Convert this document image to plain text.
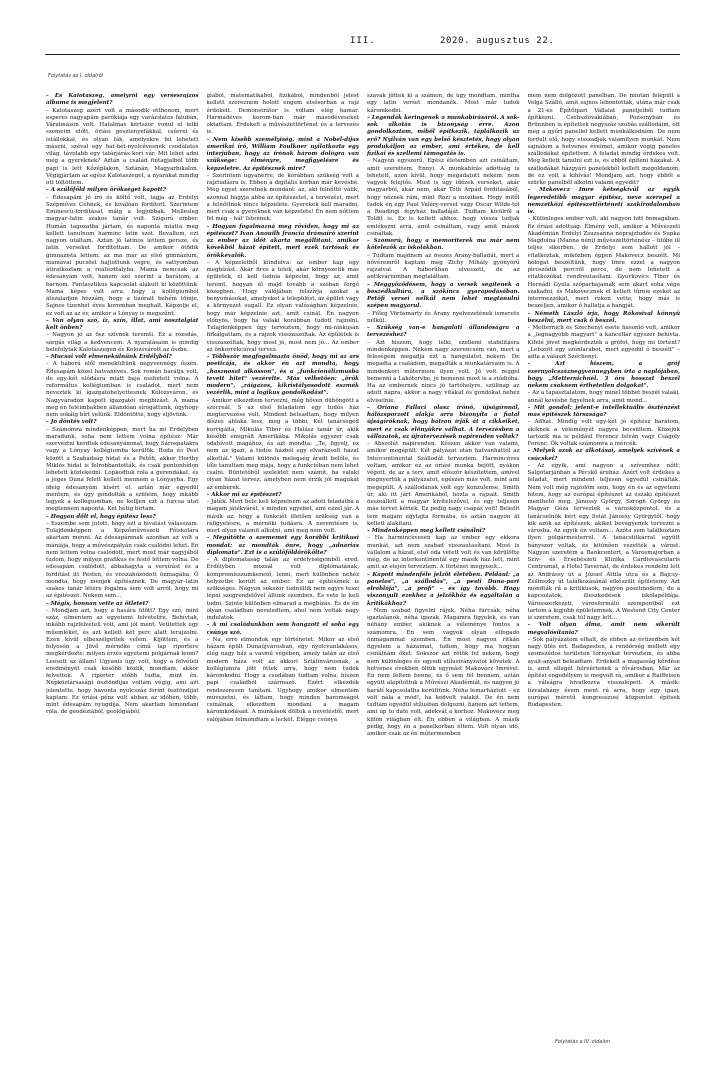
III.	2020. augusztus 22.
Folytatás az I. oldalról

– És Kalotaszeg, amelyről egy versesrajzos albuma is megjelent?

– Kalotaszeg azért volt a második otthonom, mert esperes nagyapám parókiája egy varázslatos faluban, Váralmáson volt. Hatalmas kertszor vonul el lelki szemeim előtt, óriási gesztenyefákkal, csűrrel és istállókkal, és olyan fák, amelyekre fel lehetett mászni, széval egy hat-hét-nyolcévesnek csodálatos világ, távolabb egy tatárjárás kori vár. Mit lehet adni még a gyereknek? Aztán a család fiútagjaiból több papi is lett Kőzéplakon, Sztánán, Magyarbikalon. Végigjártam az egész Kalotaszeget, a nyarakat mindig ott töltöttem.

– A szülőföld milyen örökséget kapott?

– Édesapám jó író és költő volt, tagja az Erdélyi Szépmíves Céhnek, és kiválóan fordított. Szerintem Eminescu-fordítását máig a legjobbak. Mellesleg magyar–latin szakos tanár volt. Szigorú ember. Humán tagozatba jártam, és naponta miatta meg kellett tanulnom harminc latin szót. Bevallom, ezt nagyon utáltam. Aztán jó latinos lettem persze, és latin verseket fordítottam. De amikor ötödik gimnazista lettem, az ma már az első gimnázium, mamával pucsöst hajtottunk végre, és sattyomban átiratkoztam a reáliszttályba. Mama nemcsak az édesanyám volt, hanem szó szerint a barátom, a barnom. Fantasztikus kapcsolat alakult ki közöttünk. Mama képes volt arra, hogy a kollégiumból átszaladjon hozzám, hogy a tízórait behém tömje. Sajnos tízenhét éves koromban meghalt. Képzelje el, ez volt az az év, amikor a Lónyay is megszűnt.

– Van olyan szó, íz, szín, illat, ami nosztalgiát kelt önben?

– Nagyon jó az ösz szívnek teremti. Ez a rozsdás, sárgás világ a kedvencem. A nyaralásaim is mindig belefolytak Kalotaszegen és Kolozsvárott az őszbe.

– Mucsai volt elmenekülnünk Erdélyből?

– A háború elől menekültünk negyvennégy őszén. Édesapám közel hatvanéves. Sok román barátja volt, de egy-két elődásra miatt baja esshetett volna. A református kollégiumban is családot, mert nem nevezték ki igazgatóhelyettesnek Kolozsváron, és Nagyváradon kapott igazgatói megbízást. A mama meg én feléimbakben állandóan sírogattunk, úgyhogy nem sokáig bírt velünk. Eldöntötte, hogy eljövünk.

– Jó döntés volt?

– Számomra mindenképpen, mert ha mi Erdélyben maradunk, soha nem lettem volna építész. Már szerveztni kerdtek édesanyámmal, hogy Sárospatakra vagy a Lónyay kollégiumba kerülök. Buda és Pest között a Szabadság hidat és a Petőfi, akkor Horthy Miklós hidat is felrobbantották, és csak pontonhídon lehetett közlekedni. Lopkodtuk róla a gerendákat, és a jeges Duna felett kellett mennem a Lónyayba. Egy ideig édesanyám kísért el, aztán már egyedül mentem, és úgy gondolták a szüleim, hogy inkább legyek a kollégiumban, ne kelljen ezt a furcsa utat megtennem naponta. Két hétig bírtam.

– Hogyan dőlt el, hogy építész lesz?

– Eszembe sem jutott, hogy ezt a hivatást válasszam. Tulajdonképpen a Képzőművészeti Főiskolára akartam menni. Az édesapámnak azonban az volt a mániája, hogy a művészpályán csak csalódni lehet. Én nem lettem volna csalódott, mert most már nagyjából tudom, hogy milyen grafikus és festő lettem volna. De édesapám csalódott, abbahagyta a versírást és a fordítást itt Pesten, és visszahúzódott önmagába. Ő mondta, hogy menjek építésznek. De magyar–latin szakos tanár létére fogalma sem volt arról, hogy mi az építészet. Nekem sem...

– Mégis, honnan vette az ötletet?

– Mondjam azt, hogy a hasára ütött? Egy szó, mint száz, elmentem az egyetemi felvételire. Behívtak, inkább rajzfelvételi volt, ami jól ment. Vetítettek egy műemléket, és azt kellett két perc alatt lerajzolni. Ezen kívül elbeszélgettek velem. Kijöttem, és a folyosón a Jövő mérnöke című lap riportere megkérdezte: milyen érzés egyetemi polgárnak lenni? Leesett az állam! Ugyanis úgy volt, hogy a felvételi eredményét csak később közlik, mondtam, akkor felvettek. A riporter előbb tudta, mint én. Népköztársasági ösztöndíjas voltam végig, ami azt jelentette, hogy havonta nyolcszáz forint ösztöndíjat kaptam. Ez óriási pénz volt abban az időben, több, mint édesapám nyugdíja. Nem akartam lemondani róla, de geodéziából, geológiából,

giából, matematikából, fizikából, mindenből jelest kellett szereznem holott engem elsősorban a rajz érdekelt. Demonstrátor is voltam elég hamar. Harmadéves korom-ban már másodéveseket oktattam. Érdekelt a művészettörténet és a tervezés is.

– Nem kisebb személyiség, mint a Nobel-díjas amerikai író, William Faulkner nyilatkozta egy interjúban, hogy az írónak három dologra van szüksége: élményre, megfigyelésre és képzeletre. Az építésznek mire?

– Szerintem ugyanerre, de korábban szükség volt a rajztudásra is. Ebben a digitális korban már kevésbé. Még egyet szeretnék mondani: az, aki felnőtté válik, azonnal hagyja abba az építészetet, a tervezést, mert a felnőttnek nincs képzelete. Gyerekek kell maradni, mert csak a gyereknek van képzelete! Én nem nőttem fel még – hál' Istennek.

– Hogyan fogalmazná meg röviden, hogy mi az építészet? Ivan Anouilh francia drámaíró szerint az ember az időt akarta megállítani, amikor kövekből házat épített, mert ezek tartósak és örökkévalók.

– A képzeletből kiindulva: az ember kap egy megbízást. Akár fires a telek, akár környezetik más épületek, el kell tudnia képzelni, hogy az, amit teremt, hogyan él majd tovább a szóban forgó közegben. Hogy valójában felszívja azokat a benyomásokat, amelyeket a települést, az épület vagy a környezet sugall. Ez olyan valóságban képzelnie, hogy már képzelnie azt, amit csinál. Én nagyon előnyös, hogy ha valaki korábban tudott rajzolni. Tulajdonképpen úgy terveztem, hogy mi-niákusan firkálgattam, és a rajzok visszaszóltak. Az épületek is visszaszóltak, hogy most jó, most nem jó... Az ember az önkorrekcióval tervez.

– Többször megfogalmazta önöd, hogy mi az ars poeticája, és akkor én azt mondta, hogy „hasznosat alkosson", és a „funkcionálizmusba tevett hitet" vezérelte. Más vélhetően: „örök modern", „ráígazos, kikristályosodott eszmék vezérlik, mint a logikus gondolkodást".

– Amikor elkezdtem tervezni, még bőven dühöngött a szocreál. S az első feladatom egy tudós ház megtervezése volt. Mindent beleadtam, hogy milyen díszes ablaka lesz, meg a többi. Két tanársegéd korrigálta, Mikulás Tibor és Halász tanár úr, akik később emigrált Amerikába. Mikolás egyszer csak odahívott magához, és azt mondta: „Te, figyelj, ez nem az igazi, a tudós házból egy elvarázsolt házat alkottál." Valami különös melegség áradt belőle, és tőle tanultam meg mája, hogy a funkcióban nem lehet csalni. Büntetőből szelektét nem számít, ha valaki olyan házat tervez, amelyben nem érzik jól magukat az emberek.

– Akkor mi az építészet?

– Játék. Mert bele kell képzelnem az adott feladatba a magam játékvárát, s minden egyebet, ami ezzel jár. A másik az, hogy a funkciót illetően szükség van a ráfigyelésre, a mérnöki tudásra. A neremtésre is, mert olyan valamit alkotni, ami meg nem volt.

– Megütötte a szememet egy korábbi kritikusi mondat: az mondták önre, hogy „adnarias diplomata". Ezt is a szülőföldőrökölte?

– A diplomataság talán az erdélyiségemből ered. Erdélyben mozsál volt diplomatának, kompromisszumkereső, lenni, mert különben nehéz helyzetbe került az ember. Ez az építésznek is szükséges. Nagyon sokszor tudniillik nem egyre teszi lépni szegrendelővel állunk szemben. És vete le kell tudni. Szinte különben elmarad a megbízás. És de én olyan családban neveledtem, ahol nem voltak nagy indulatok.

– A mi családunkban sem hangzott el soha egy csúnya szó.

– Na, erre elmondok egy történetet. Mikor az első házam épült Dunaújvárosban, egy nyolcvanlakásos, elég nagy ház a vasmű végében, amely talán az első modern háza volt az akkori Sztálinvárosnak, a kollégiumra jött öttek arra, hogy nem tudok káromkodni. Hogy a csudában tudtam volna, hiszen papi családból származó. Ezért elkezdék rendszeresen tanítani. Ugyhogy amikor elmentem múvezetni, és láttam, hogy minden baromságot csinálnak, elkezdtem mondani a magam káromkodásait. A munkások döltek a nevetéstől, mert valójában felmondtam a leckét. Elégge csúnya

szavak jöttek ki a számon, de úgy mondtam, mintha egy latin verset mondanék. Most már tudok káromkodni.

– Legendák keringenek a munkabírásáról. A sok-sok alkotás is bizonyság erre. Azon gondolkoztam, miből építkezik, táplálkozik az erő? Nyilván van egy belső késztetés, hogy olyan produkáljon az ember, ami értékes, de kell fizikai és szellemi támogatás is.

– Nagyon egyszerű. Egész életemben azt csináltam, amit szerettem. Ennyi. A munkabírás adottság is lehetett, azon kívül, hogy megadatott nekem: nem vagyok felejtős. Most is úgy idézek verseket, akár magyarból, akár nem, akár Tóth Árpád fordításából, hogy néznek rám, mint Rozi a moziban. Hogy mitől tudok én egy Paul Valéry-verset vagy Oscar Wilde-tól a Readingi fegyház balladáját. Tudtam kívülről a Toldit is. Ez is kellett ahhoz, hogy vissza tudjak emlékezni arra, amit csináltam, vagy amit mások csináltak.

– Szomorú, hogy a memoriterek ma már nem kötelezők az iskolákban.

– Tudtam majdnem az összes Arany-balladát, mert a nővéremről kaptam meg Zichy Mihály gyönyörű rajzaival. A háborúban elveszett, de az antikváriumban megtaláltam.

– Meggyőződésem, hogy a versek segítenek a beszédkultúra, a szókincs gyarapodásában. Petőfi versei nélkül nem lehet megtanulni szépen magyarul.

– Főleg Vörösmarty és Arany nyelvezetének ismerete nélkül.

– Szükség van-e hangulati állandóságra a tervezéshez?

– Azt hiszem, hogy lelki, szellemi stabilitásra mindenképpen. Nekem nagy szerencsém van, mert a feleségem megadja ezt a hangulatot nekem. De megadta a családom, megadták a munkatársaim is. A mindenkori műtermem ilyen volt. Jó volt reggel bemenni a Lakótervbe, jó bemenni most is a stúdióba. Ha az embernek nincs jó tartóhelyre, szülinap az adott napra, akkor a nagy vitákat és gondokat nehéz elviselnie.

– Oriana Fallaci olasz írónő, újságíronál, hálózsporzott alakja arra bizonyíta a fiatal újságíróknak, hogy bátran írják át a cikkeiket, mert ez csak előnyükre válhat. A tervezésben a vállozatok, az újratervezések napirenden voltak?

– Abszolút napirenden. Készen akkor van valami, amikor megépült. Két pályázat után hatvanhattól az Intercontinental Szállodát terveztem. Harmincéves voltam, amikor ez az óriási munka bejött, nyákon végott, de az a terv, amit először készítettem, amivel megnyertük a pályázatot, egészen más volt, mint ami megépült. A szállodának volt egy konzulense, Smith úr, aki itt járt Amerikából, hozta a rajzait. Smith összeállott a magyar kivitelezővel, és egy teljesen más tervet kértek. Ez pedig nagy csapás volt! Beleölt tem magam egytajta formába, és aztán nagyon át kellett alakítani.

– Mindenképpen meg kellett csinálni?

– Ha harmincévesen kap az ember egy ekkora munkát, azt nem szabad visszautasítani. Most is vállalom a házat, első oda vetett volt és van körülötte még, de az interkontinentál egy másik ház lett, mint amit az elején terveztem. A történet megyiselt...

– Kapott mindenféle jelzőt életében. Például: „a panelos", „a szállodás", „a pesti Duna-part elrablója", „a profi" – és így tovább. Hogy viszonyult ezekhez a jelzőkhöz és egyáltalán a kritikákhoz?

– Nem szabad figyelni rájuk. Néha furcsák, néha igaztalanok, néha igazak. Magamra figyelek, és van néhány ember, akiknek a véleménye fontos a számomra. Én sem vagyok olyan elfogadó önmagammal szemben. Én most nagyon ritkán figyelem a házaimat, tudom, hogy ma hogyan csinálnám őket. Sokszor azt rötök fel nekem, hogy nem különleges és egyedi stílusirányzatot követek. A hetvenes években öltük egymást Makovecz Imrével. Én nem feltem benne, és ő sem fél bennem, aztán együtt alapítottuk a Művészi Akadémiát, és nagyon jó barátí kapcsolatba kerültünk. Néha lemarháztott – ez volt nála a mód!, ha kedvelt valakit. De én nem tudtam egyedül stílusban dolgozni, hanem azt tettem, ami up to date volt, adekvát a korhoz. Makovecz meg külön világban élt. Én ebben a világban. A másik pedig, hogy én a panelkorban éltem. Volt olyan idő, amikor csak az én műtermemben

mem nem dolgozott panelban. De miután felépült a Volga Szálló, amit sajnos lebontottak, utána már csak a 21-es Építőipari Vállalat paneljeiből tudtam építkezni. Csehszlovákiában, Pozsonyban és Brünnben is építettek negyszáz szobás szállodáim, ott meg a győri panellel kellett munkálkodnom. De nem fordult elő, hogy visszadjak valamilyen munkát. Nem sajnálom a hetvenes éveimet, amikor végig paneles szállodákat építettem. A feladat mindig érdekes volt. Meg kellett tanulni ezt is, és ebből építeni házakat. A szállodákat házgyári panelekből kellett megoldanom, de ez volt a kihívás! Mondjam azt, hogy ebből a szürke panelből alkotni valami egyedit?

– Makovecz Imre kétségkívül az egyik legeredetibb magyar építész, neve szerepel a nemzetközi építészettörténeti szakirodalomban is.

– Különleges ember volt, aki nagyon hitt önmagában. Ez óriási adottság. Élmény volt, amikor a Művészeti Akadémián Erdélyi Zsuzsanna néprajztudós és Supka Magdolna (Manna néni) művészettörténész – ütőbe ill teljes sikerben, de Erdélyi sem hallott jól – vitatkoztak, miközben éppen Makovecz beszélt. Mi hólogat beszéltünk, hogy Imre ezzel a nagyon piroszódik percről perce, de nem lehetett a vitatkozókat rendreutasítani. Gyurkovics Tibor és Hernádi Gyula szóparbajainak sem akart soha vége szakadni, és Makovecznek el kellett tűrnie ezeket az intermezzókat, mert rokon vette, hogy más is beszéljen, amikor ő hallatja a hangját.

– Németh László írja, hogy Rákosival könnyű beszélni, mert csak ő beszél.

– Metternich és Széchenyi esete hasonló volt, amikor a „legnagyobb magyart" a kancellár egyszer behívta. Kifelé jövet megkérdezték a grófot, hogy mi történt? „Lelszott egy szónlarabot, mert egyedül ő beszélt" – adta a választ Széchenyi.

– Azt hiszem, a gróf ezernyolcszáznegyvennegyben írta a naplójában, hogy „Metternichnél. 3 óra hosszat beszél nekem csaknem érthetetlen dolgokat".

– Az a tapasztalatom, hogy minél többet beszél valaki, annál kevésbé figyelnek arra, amit mond...

– Mit gondol: jelent-e intellektuális öszténzést mas építészek társasága?

– Adhat. Mindig volt egy-két jó építész barátom, akiknek a véleményét nagyra becsültem. Közéjük tartozik ma is például Ferencz István vagy Cságoly Ferenc. Ők voltak számomra a mércék.

– Melyek azok az alkotásai, amelyek szívének a csúcskei?

– Az egyik, ami nagyon a szívemhez nőtt: Salgótarjánban a Pécskő áruház. Azért volt érdekes a feladat, mert mindent teljesen egyedül csinálták. Nem volt még rajzolóm sem, hogy én és az egyetemi hitem, hogy az európai építészet az északi építészet menthető meg. Jánossy György, Szrogh György és Magyar Géza terveztek a városközpontot, és a tanácselnök kért egy listát Jánossy Györgytől, hogy kik azok az építészek, akiket bevegyenek tervezni a városba. Az egyik én voltam... Azóta sem találkoztam ilyen polgármesterrel. A tanácstitkárral együtt hányszor voltak, és kitűnően vezették a várost. Nagyon szeretem a Bankcentert, a Városmajorban a Sziv- és Érsebészeti Klinika Cardiovascularis Centrumát, a Hotel Tavernát, de érdekes rendelni lett az Andrássy út a József Attila utca és a Bajcsy-Zsilinszky út találkozásánál elkészült épületemy. Azt mondták rá a kritikusok, nagyon posztmodern, de a kapcsolatok, illeszkedések iskolapéldája. Városszerkezeti, városformáló szempontból ezt tartom a legjobb épületemnek. A Westend City Center is szeretem, csak túl nagy lett...

– Volt olyan álma, amit nem sikerült megvalósítania?

– Sok pályázatom elhalt, de ebben az évtizedben két nagy ütés ért. Budapesten, a rendőrség mellett egy szomszédos területen tornyokat terveztem, és abba ayait-anyait beleadtam. Érdekelt a magasság kérdése is, amit ellegét felreértenek a fővárosban. Már az építési engedélyem is megvolt rá, amikor a Raiffeisen a válságra hivatkozva visszalépett. A másik: tízvalahány évem ment rá arra, hogy egy igazi, európai méretű kongresszusi központot építsek Budapesten.

Folytatás a IV. oldalon
